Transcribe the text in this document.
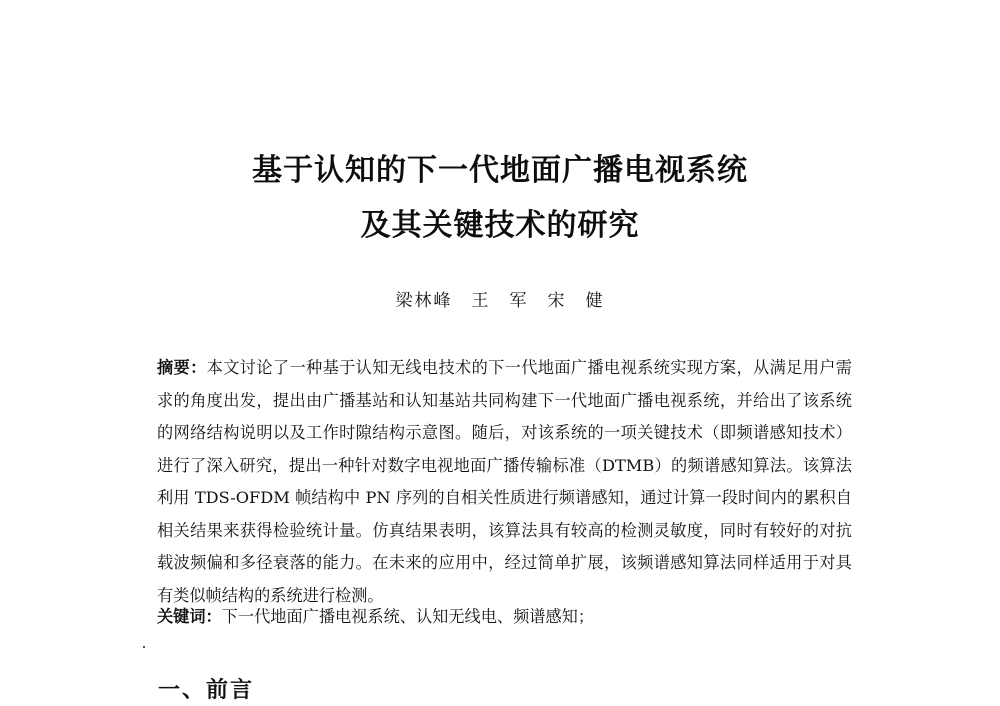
基于认知的下一代地面广播电视系统
及其关键技术的研究
梁林峰　王　军　宋　健
摘要：本文讨论了一种基于认知无线电技术的下一代地面广播电视系统实现方案，从满足用户需求的角度出发，提出由广播基站和认知基站共同构建下一代地面广播电视系统，并给出了该系统的网络结构说明以及工作时隙结构示意图。随后，对该系统的一项关键技术（即频谱感知技术）进行了深入研究，提出一种针对数字电视地面广播传输标准（DTMB）的频谱感知算法。该算法利用 TDS-OFDM 帧结构中 PN 序列的自相关性质进行频谱感知，通过计算一段时间内的累积自相关结果来获得检验统计量。仿真结果表明，该算法具有较高的检测灵敏度，同时有较好的对抗载波频偏和多径衰落的能力。在未来的应用中，经过简单扩展，该频谱感知算法同样适用于对具有类似帧结构的系统进行检测。
关键词：下一代地面广播电视系统、认知无线电、频谱感知；
一、前言
